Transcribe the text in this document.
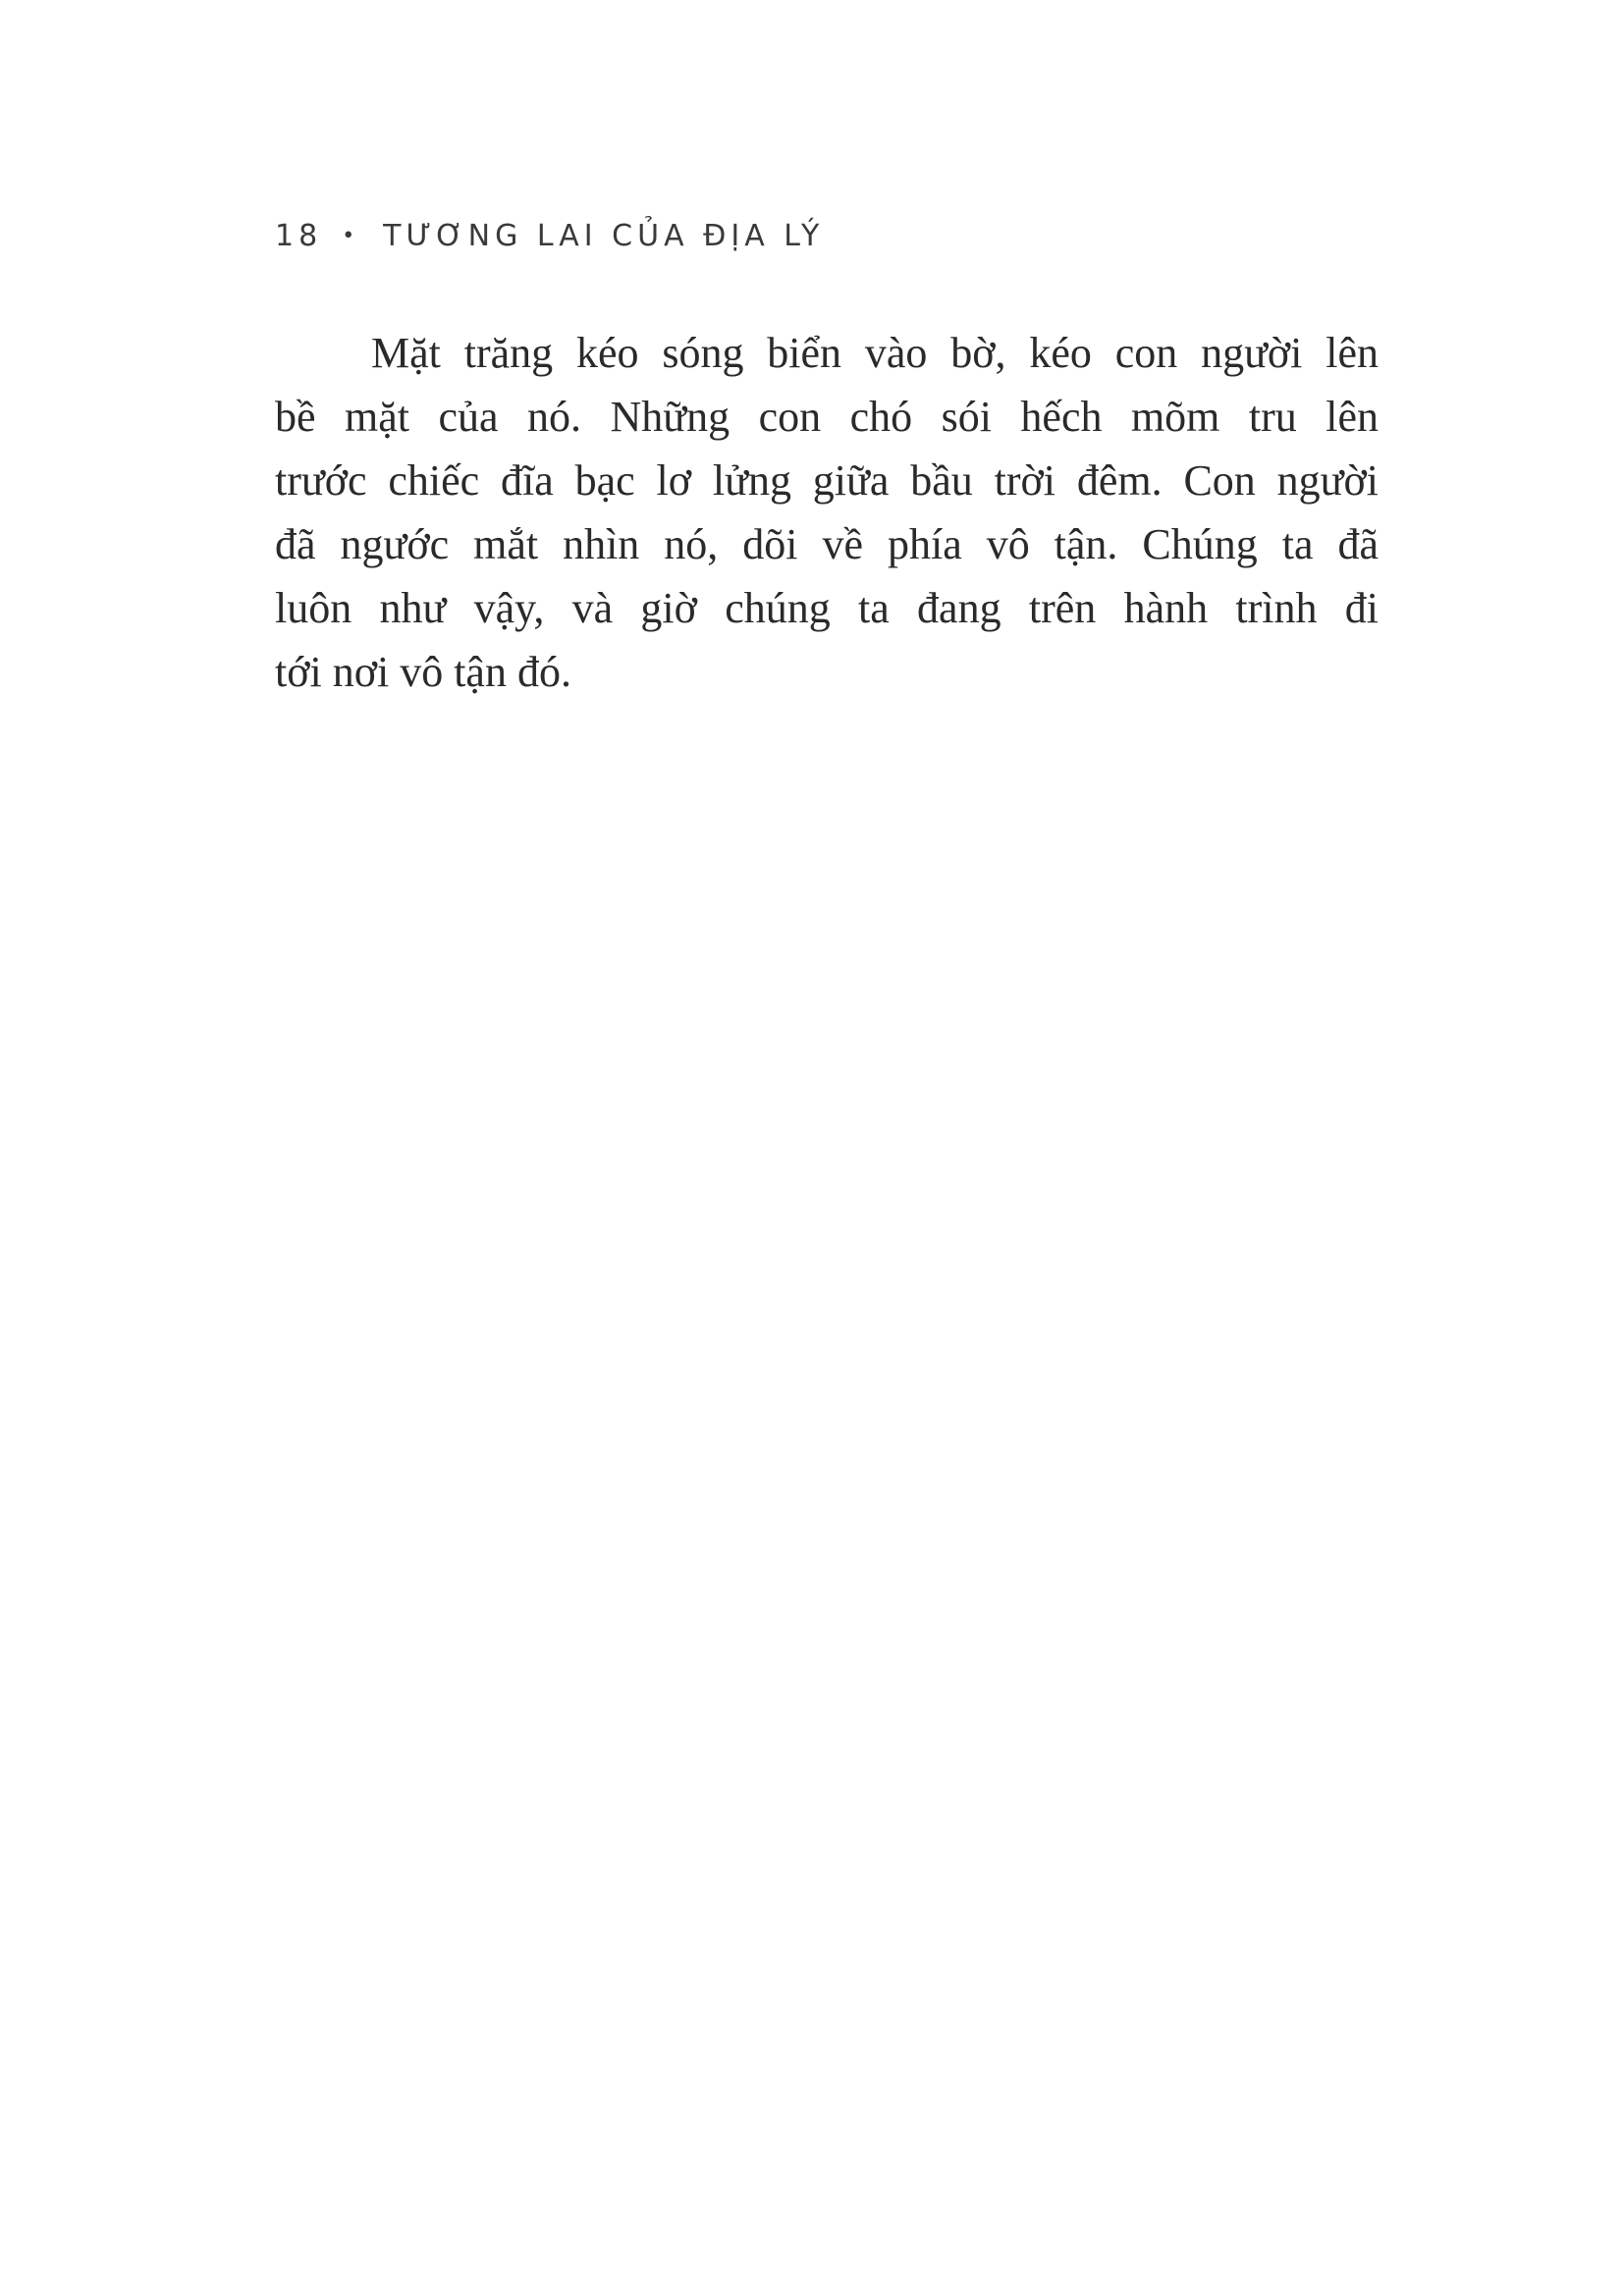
18 • TƯƠNG LAI CỦA ĐỊA LÝ
Mặt trăng kéo sóng biển vào bờ, kéo con người lên
bề mặt của nó. Những con chó sói hếch mõm tru lên
trước chiếc đĩa bạc lơ lửng giữa bầu trời đêm. Con người
đã ngước mắt nhìn nó, dõi về phía vô tận. Chúng ta đã
luôn như vậy, và giờ chúng ta đang trên hành trình đi
tới nơi vô tận đó.
